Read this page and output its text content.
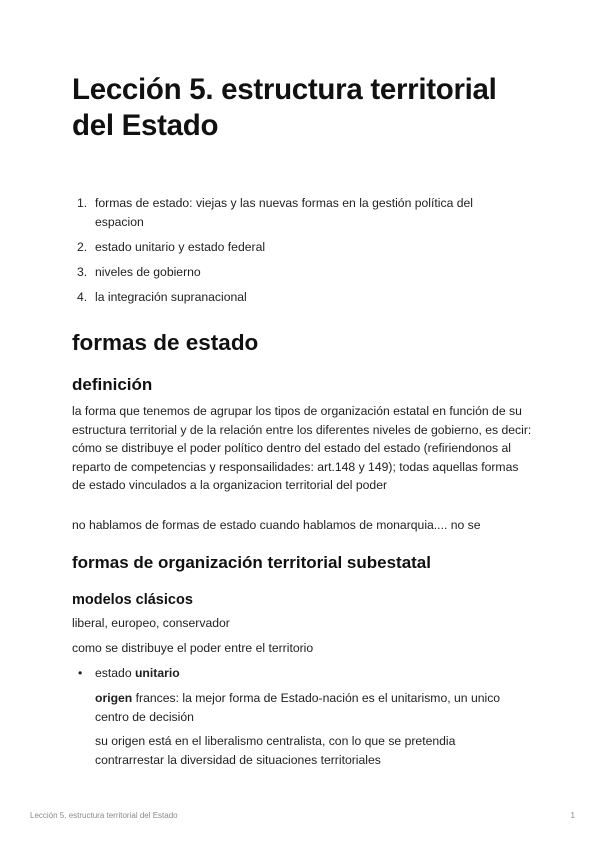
Lección 5. estructura territorial del Estado
1. formas de estado: viejas y las nuevas formas en la gestión política del espacion
2. estado unitario y estado federal
3. niveles de gobierno
4. la integración supranacional
formas de estado
definición

la forma que tenemos de agrupar los tipos de organización estatal en función de su estructura territorial y de la relación entre los diferentes niveles de gobierno, es decir: cómo se distribuye el poder político dentro del estado del estado (refiriendonos al reparto de competencias y responsailidades: art.148 y 149); todas aquellas formas de estado vinculados a la organizacion territorial del poder

no hablamos de formas de estado cuando hablamos de monarquia.... no se

formas de organización territorial subestatal
modelos clásicos

liberal, europeo, conservador

como se distribuye el poder entre el territorio

• estado unitario

origen frances: la mejor forma de Estado-nación es el unitarismo, un unico centro de decisión

su origen está en el liberalismo centralista, con lo que se pretendia contrarrestar la diversidad de situaciones territoriales

Lección 5. estructura territorial del Estado	1
